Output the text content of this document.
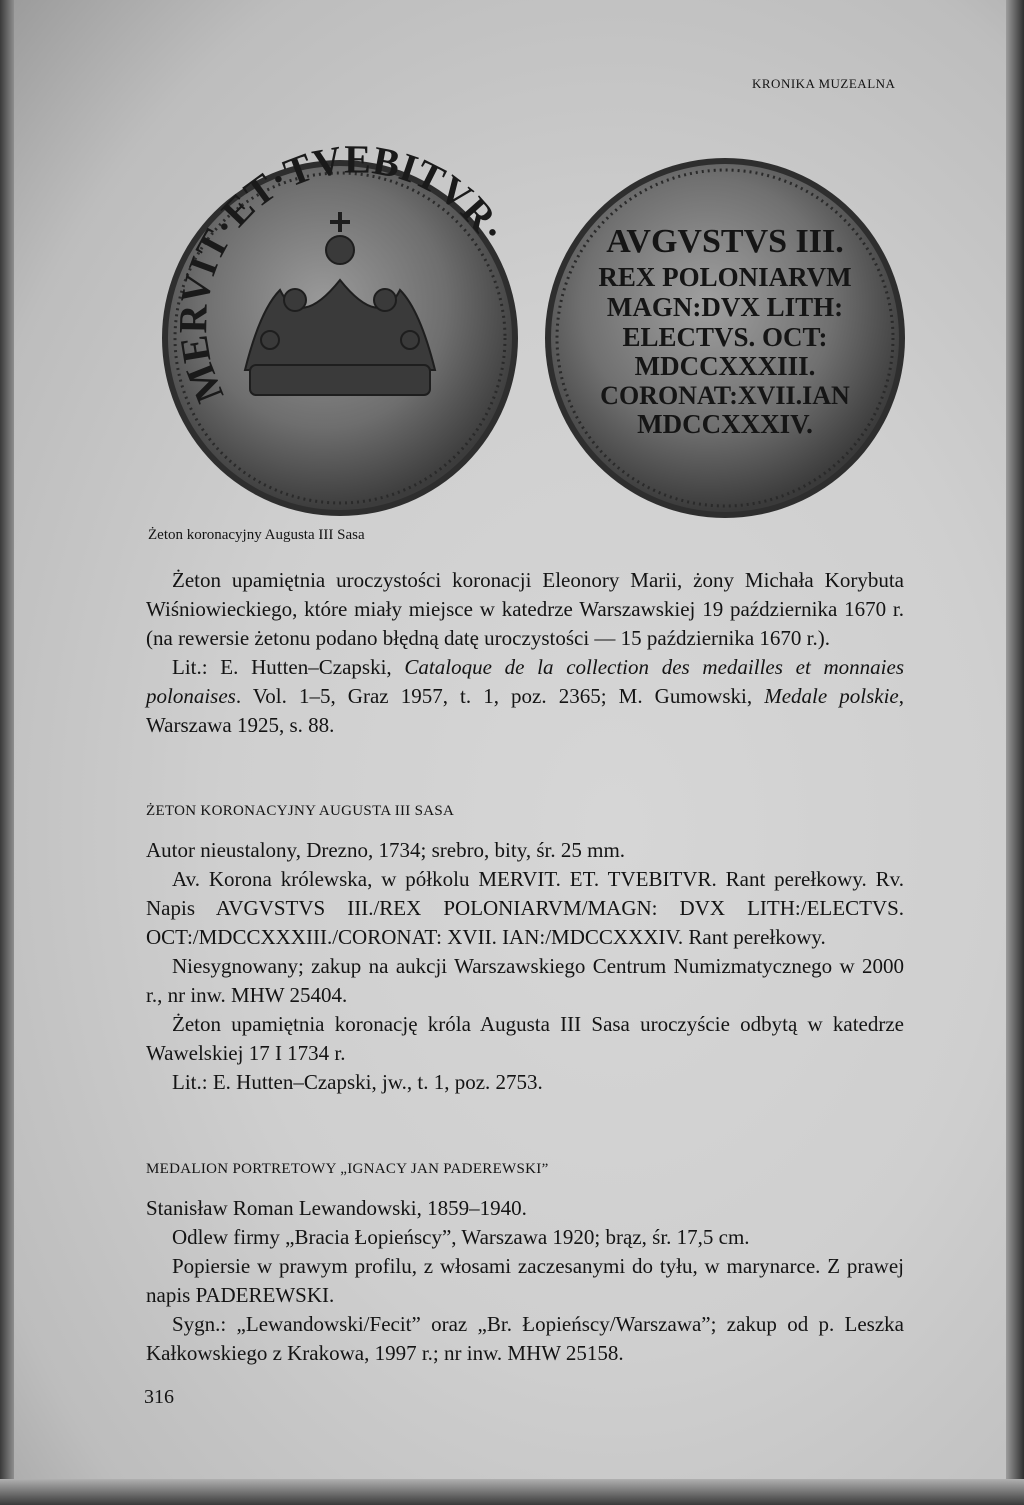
KRONIKA MUZEALNA
MERVIT·ET·TVEBITVR·	AVGVSTVS III.
REX POLONIARVM
MAGN:DVX LITH:
ELECTVS. OCT:
MDCCXXXIII.
CORONAT:XVII.IAN
MDCCXXXIV.
Żeton koronacyjny Augusta III Sasa

Żeton upamiętnia uroczystości koronacji Eleonory Marii, żony Michała Korybuta Wiśniowieckiego, które miały miejsce w katedrze Warszawskiej 19 października 1670 r. (na rewersie żetonu podano błędną datę uroczystości — 15 października 1670 r.).

Lit.: E. Hutten–Czapski, Cataloque de la collection des medailles et monnaies polonaises. Vol. 1–5, Graz 1957, t. 1, poz. 2365; M. Gumowski, Medale polskie, Warszawa 1925, s. 88.

ŻETON KORONACYJNY AUGUSTA III SASA

Autor nieustalony, Drezno, 1734; srebro, bity, śr. 25 mm.

Av. Korona królewska, w półkolu MERVIT. ET. TVEBITVR. Rant perełkowy. Rv. Napis AVGVSTVS III./REX POLONIARVM/MAGN: DVX LITH:/ELECTVS. OCT:/MDCCXXXIII./CORONAT: XVII. IAN:/MDCCXXXIV. Rant perełkowy.

Niesygnowany; zakup na aukcji Warszawskiego Centrum Numizmatycznego w 2000 r., nr inw. MHW 25404.

Żeton upamiętnia koronację króla Augusta III Sasa uroczyście odbytą w katedrze Wawelskiej 17 I 1734 r.

Lit.: E. Hutten–Czapski, jw., t. 1, poz. 2753.

MEDALION PORTRETOWY „IGNACY JAN PADEREWSKI”

Stanisław Roman Lewandowski, 1859–1940.

Odlew firmy „Bracia Łopieńscy”, Warszawa 1920; brąz, śr. 17,5 cm.

Popiersie w prawym profilu, z włosami zaczesanymi do tyłu, w marynarce. Z prawej napis PADEREWSKI.

Sygn.: „Lewandowski/Fecit” oraz „Br. Łopieńscy/Warszawa”; zakup od p. Leszka Kałkowskiego z Krakowa, 1997 r.; nr inw. MHW 25158.

316
